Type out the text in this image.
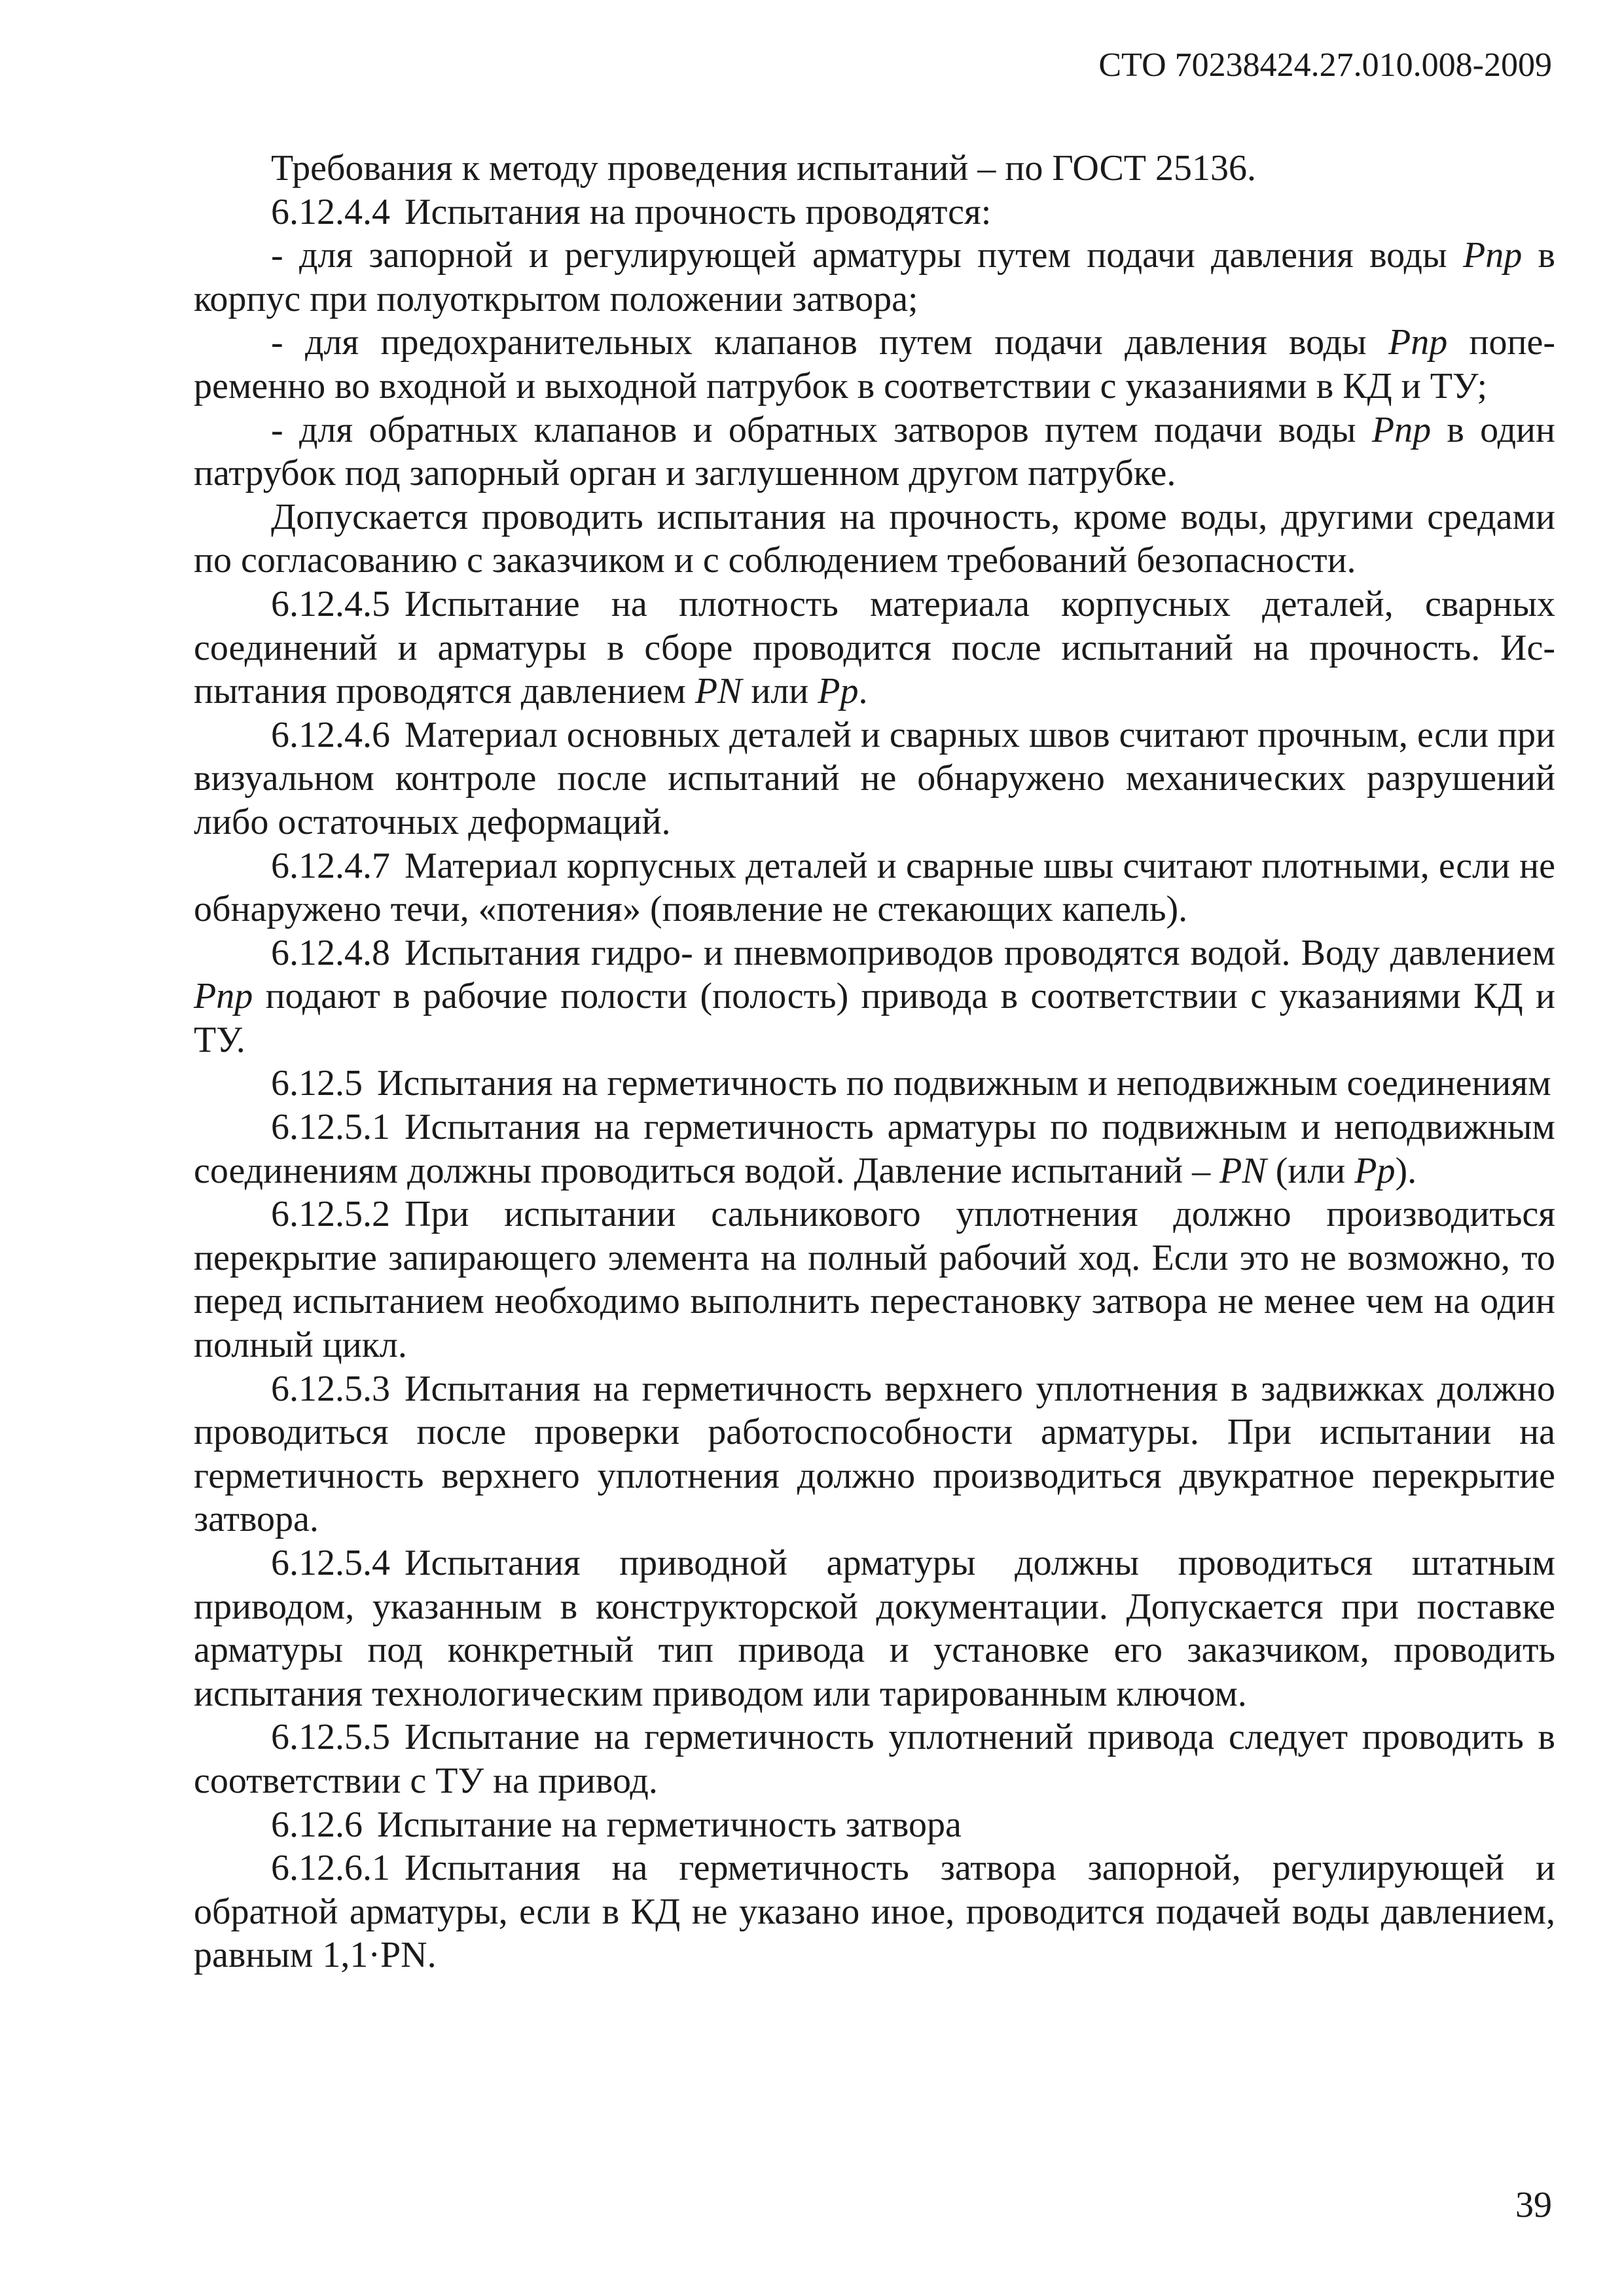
СТО 70238424.27.010.008-2009

Требования к методу проведения испытаний – по ГОСТ 25136.

6.12.4.4 Испытания на прочность проводятся:

- для запорной и регулирующей арматуры путем подачи давления воды Pnp в корпус при полуоткрытом положении затвора;

- для предохранительных клапанов путем подачи давления воды Pnp попеременно во входной и выходной патрубок в соответствии с указаниями в КД и ТУ;

- для обратных клапанов и обратных затворов путем подачи воды Pnp в один патрубок под запорный орган и заглушенном другом патрубке.

Допускается проводить испытания на прочность, кроме воды, другими средами по согласованию с заказчиком и с соблюдением требований безопасности.

6.12.4.5 Испытание на плотность материала корпусных деталей, сварных соединений и арматуры в сборе проводится после испытаний на прочность. Испытания проводятся давлением PN или Pp.

6.12.4.6 Материал основных деталей и сварных швов считают прочным, если при визуальном контроле после испытаний не обнаружено механических разрушений либо остаточных деформаций.

6.12.4.7 Материал корпусных деталей и сварные швы считают плотными, если не обнаружено течи, «потения» (появление не стекающих капель).

6.12.4.8 Испытания гидро- и пневмоприводов проводятся водой. Воду давлением Pnp подают в рабочие полости (полость) привода в соответствии с указаниями КД и ТУ.

6.12.5 Испытания на герметичность по подвижным и неподвижным соединениям

6.12.5.1 Испытания на герметичность арматуры по подвижным и неподвижным соединениям должны проводиться водой. Давление испытаний – PN (или Pp).

6.12.5.2 При испытании сальникового уплотнения должно производиться перекрытие запирающего элемента на полный рабочий ход. Если это не возможно, то перед испытанием необходимо выполнить перестановку затвора не менее чем на один полный цикл.

6.12.5.3 Испытания на герметичность верхнего уплотнения в задвижках должно проводиться после проверки работоспособности арматуры. При испытании на герметичность верхнего уплотнения должно производиться двукратное перекрытие затвора.

6.12.5.4 Испытания приводной арматуры должны проводиться штатным приводом, указанным в конструкторской документации. Допускается при поставке арматуры под конкретный тип привода и установке его заказчиком, проводить испытания технологическим приводом или тарированным ключом.

6.12.5.5 Испытание на герметичность уплотнений привода следует проводить в соответствии с ТУ на привод.

6.12.6 Испытание на герметичность затвора

6.12.6.1 Испытания на герметичность затвора запорной, регулирующей и обратной арматуры, если в КД не указано иное, проводится подачей воды давлением, равным 1,1·PN.

39
